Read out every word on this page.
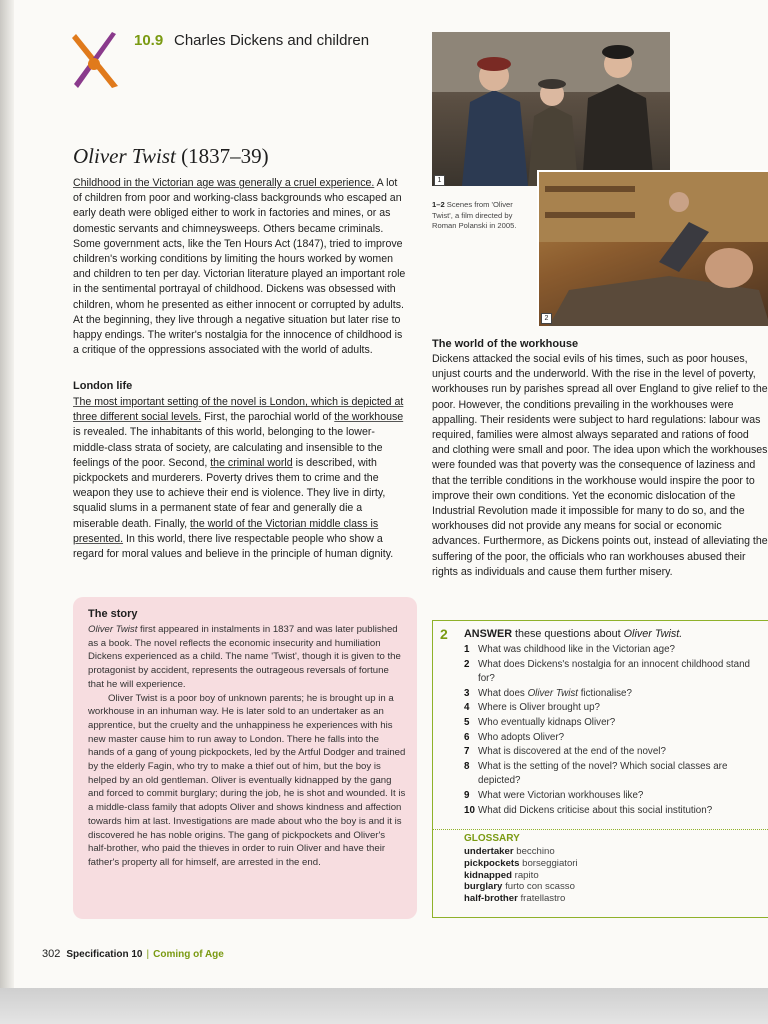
10.9 Charles Dickens and children
Oliver Twist (1837–39)
Childhood in the Victorian age was generally a cruel experience. A lot of children from poor and working-class backgrounds who escaped an early death were obliged either to work in factories and mines, or as domestic servants and chimneysweeps. Others became criminals. Some government acts, like the Ten Hours Act (1847), tried to improve children's working conditions by limiting the hours worked by women and children to ten per day. Victorian literature played an important role in the sentimental portrayal of childhood. Dickens was obsessed with children, whom he presented as either innocent or corrupted by adults. At the beginning, they live through a negative situation but later rise to happy endings. The writer's nostalgia for the innocence of childhood is a critique of the oppressions associated with the world of adults.
London life
The most important setting of the novel is London, which is depicted at three different social levels. First, the parochial world of the workhouse is revealed. The inhabitants of this world, belonging to the lower-middle-class strata of society, are calculating and insensible to the feelings of the poor. Second, the criminal world is described, with pickpockets and murderers. Poverty drives them to crime and the weapon they use to achieve their end is violence. They live in dirty, squalid slums in a permanent state of fear and generally die a miserable death. Finally, the world of the Victorian middle class is presented. In this world, there live respectable people who show a regard for moral values and believe in the principle of human dignity.
The story

Oliver Twist first appeared in instalments in 1837 and was later published as a book. The novel reflects the economic insecurity and humiliation Dickens experienced as a child. The name 'Twist', though it is given to the protagonist by accident, represents the outrageous reversals of fortune that he will experience.

Oliver Twist is a poor boy of unknown parents; he is brought up in a workhouse in an inhuman way. He is later sold to an undertaker as an apprentice, but the cruelty and the unhappiness he experiences with his new master cause him to run away to London. There he falls into the hands of a gang of young pickpockets, led by the Artful Dodger and trained by the elderly Fagin, who try to make a thief out of him, but the boy is helped by an old gentleman. Oliver is eventually kidnapped by the gang and forced to commit burglary; during the job, he is shot and wounded. It is a middle-class family that adopts Oliver and shows kindness and affection towards him at last. Investigations are made about who the boy is and it is discovered he has noble origins. The gang of pickpockets and Oliver's half-brother, who paid the thieves in order to ruin Oliver and have their father's property all for himself, are arrested in the end.

1
2
1–2 Scenes from 'Oliver Twist', a film directed by Roman Polanski in 2005.
The world of the workhouse
Dickens attacked the social evils of his times, such as poor houses, unjust courts and the underworld. With the rise in the level of poverty, workhouses run by parishes spread all over England to give relief to the poor. However, the conditions prevailing in the workhouses were appalling. Their residents were subject to hard regulations: labour was required, families were almost always separated and rations of food and clothing were small and poor. The idea upon which the workhouses were founded was that poverty was the consequence of laziness and that the terrible conditions in the workhouse would inspire the poor to improve their own conditions. Yet the economic dislocation of the Industrial Revolution made it impossible for many to do so, and the workhouses did not provide any means for social or economic advances. Furthermore, as Dickens points out, instead of alleviating the suffering of the poor, the officials who ran workhouses abused their rights as individuals and cause them further misery.
2 ANSWER these questions about Oliver Twist.
1 What was childhood like in the Victorian age?
2 What does Dickens's nostalgia for an innocent childhood stand for?
3 What does Oliver Twist fictionalise?
4 Where is Oliver brought up?
5 Who eventually kidnaps Oliver?
6 Who adopts Oliver?
7 What is discovered at the end of the novel?
8 What is the setting of the novel? Which social classes are depicted?
9 What were Victorian workhouses like?
10 What did Dickens criticise about this social institution?
GLOSSARY
undertaker becchino
pickpockets borseggiatori
kidnapped rapito
burglary furto con scasso
half-brother fratellastro
302 Specification 10 | Coming of Age
